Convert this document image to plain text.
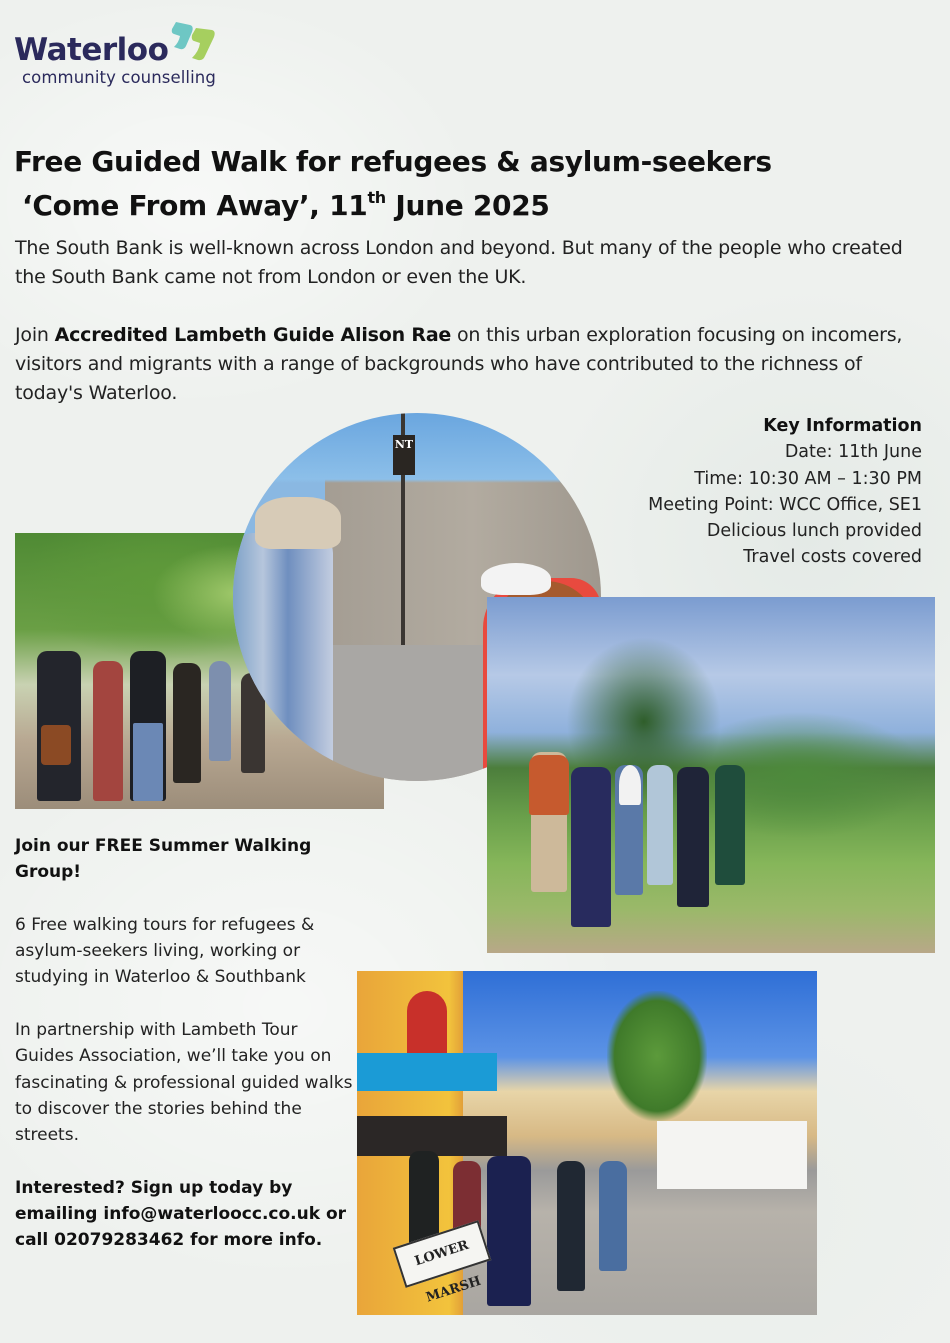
Waterloo
community counselling
Free Guided Walk for refugees & asylum-seekers
‘Come From Away’, 11th June 2025

The South Bank is well-known across London and beyond. But many of the people who created the South Bank came not from London or even the UK.

Join Accredited Lambeth Guide Alison Rae on this urban exploration focusing on incomers, visitors and migrants with a range of backgrounds who have contributed to the richness of today's Waterloo.

NT
LOWER MARSH
Key Information
Date: 11th June
Time: 10:30 AM – 1:30 PM
Meeting Point: WCC Office, SE1
Delicious lunch provided
Travel costs covered

Join our FREE Summer Walking Group!

6 Free walking tours for refugees & asylum-seekers living, working or studying in Waterloo & Southbank

In partnership with Lambeth Tour Guides Association, we’ll take you on fascinating & professional guided walks to discover the stories behind the streets.

Interested? Sign up today by emailing info@waterloocc.co.uk or call 02079283462 for more info.
